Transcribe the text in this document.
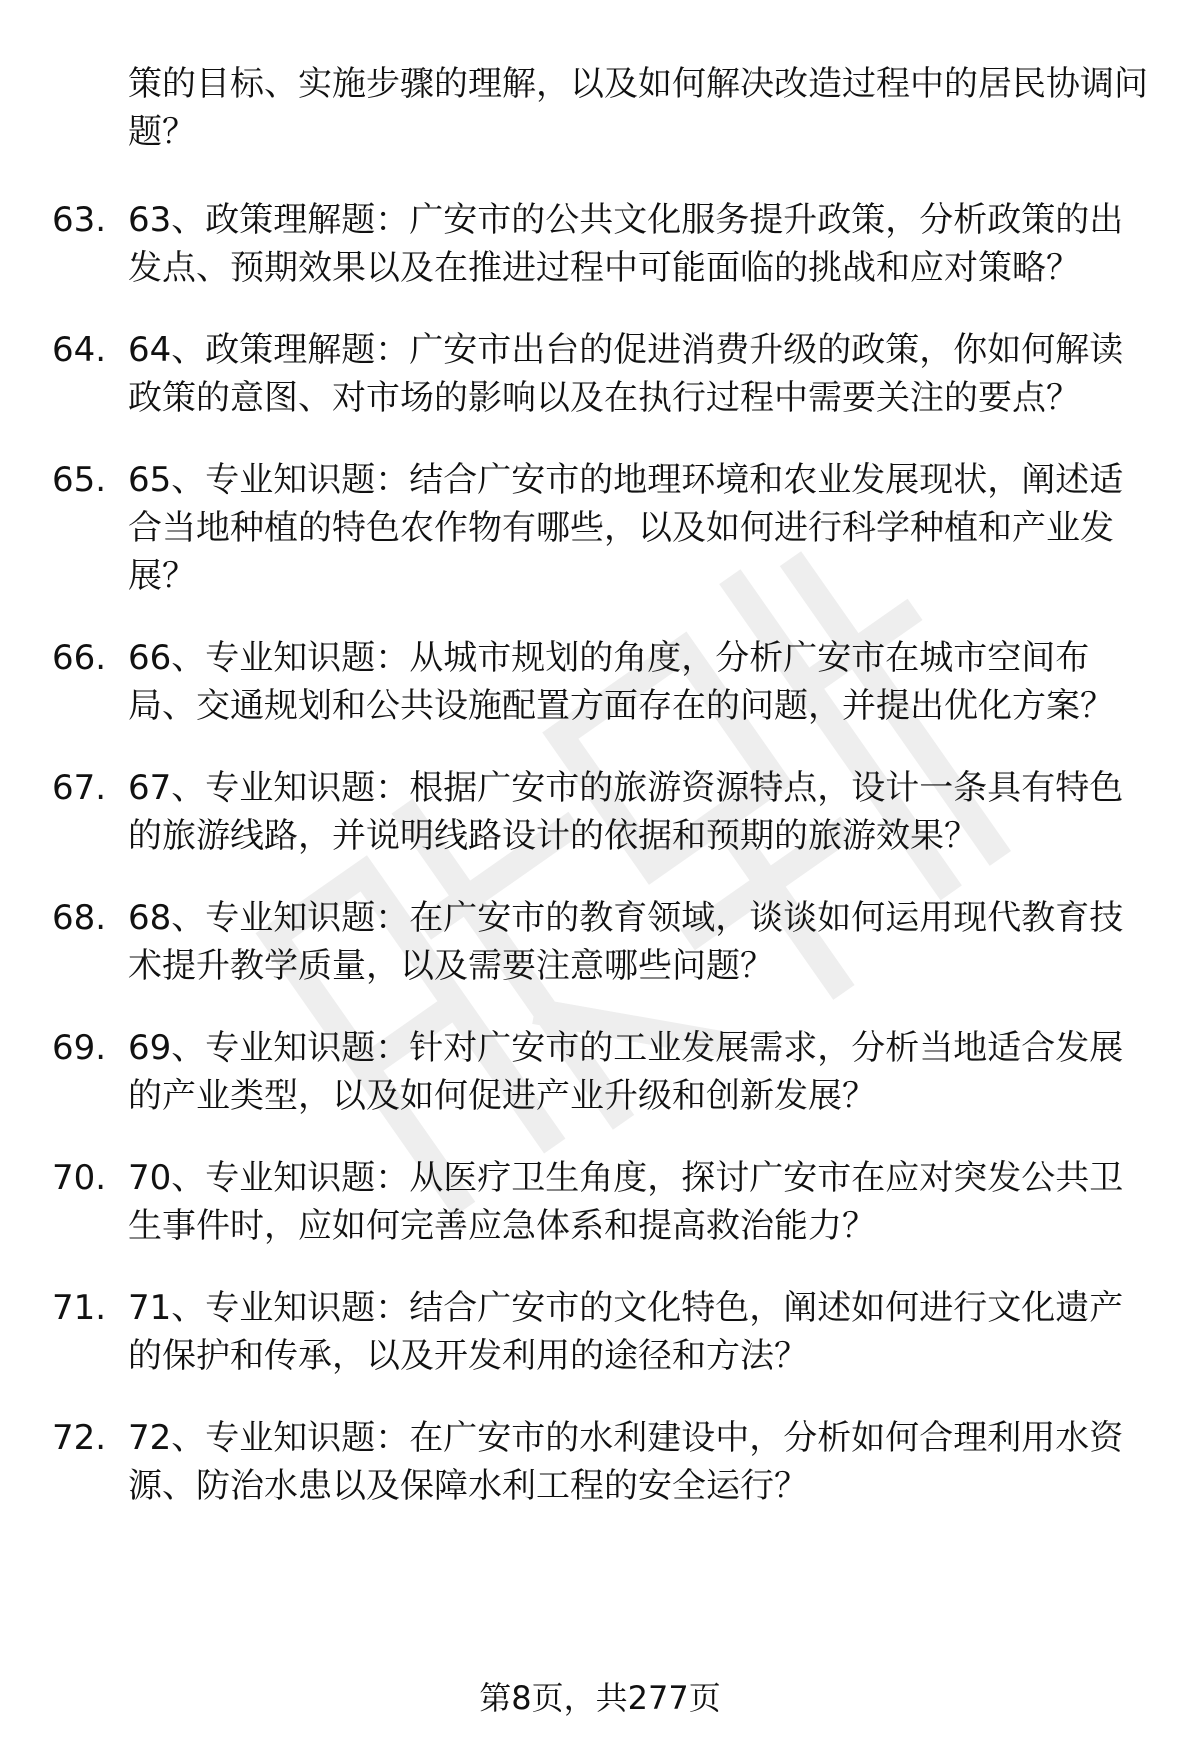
策的目标、实施步骤的理解，以及如何解决改造过程中的居民协调问题？
63. 63、政策理解题：广安市的公共文化服务提升政策，分析政策的出发点、预期效果以及在推进过程中可能面临的挑战和应对策略？
64. 64、政策理解题：广安市出台的促进消费升级的政策，你如何解读政策的意图、对市场的影响以及在执行过程中需要关注的要点？
65. 65、专业知识题：结合广安市的地理环境和农业发展现状，阐述适合当地种植的特色农作物有哪些，以及如何进行科学种植和产业发展？
66. 66、专业知识题：从城市规划的角度，分析广安市在城市空间布局、交通规划和公共设施配置方面存在的问题，并提出优化方案？
67. 67、专业知识题：根据广安市的旅游资源特点，设计一条具有特色的旅游线路，并说明线路设计的依据和预期的旅游效果？
68. 68、专业知识题：在广安市的教育领域，谈谈如何运用现代教育技术提升教学质量，以及需要注意哪些问题？
69. 69、专业知识题：针对广安市的工业发展需求，分析当地适合发展的产业类型，以及如何促进产业升级和创新发展？
70. 70、专业知识题：从医疗卫生角度，探讨广安市在应对突发公共卫生事件时，应如何完善应急体系和提高救治能力？
71. 71、专业知识题：结合广安市的文化特色，阐述如何进行文化遗产的保护和传承，以及开发利用的途径和方法？
72. 72、专业知识题：在广安市的水利建设中，分析如何合理利用水资源、防治水患以及保障水利工程的安全运行？
第8页，共277页
